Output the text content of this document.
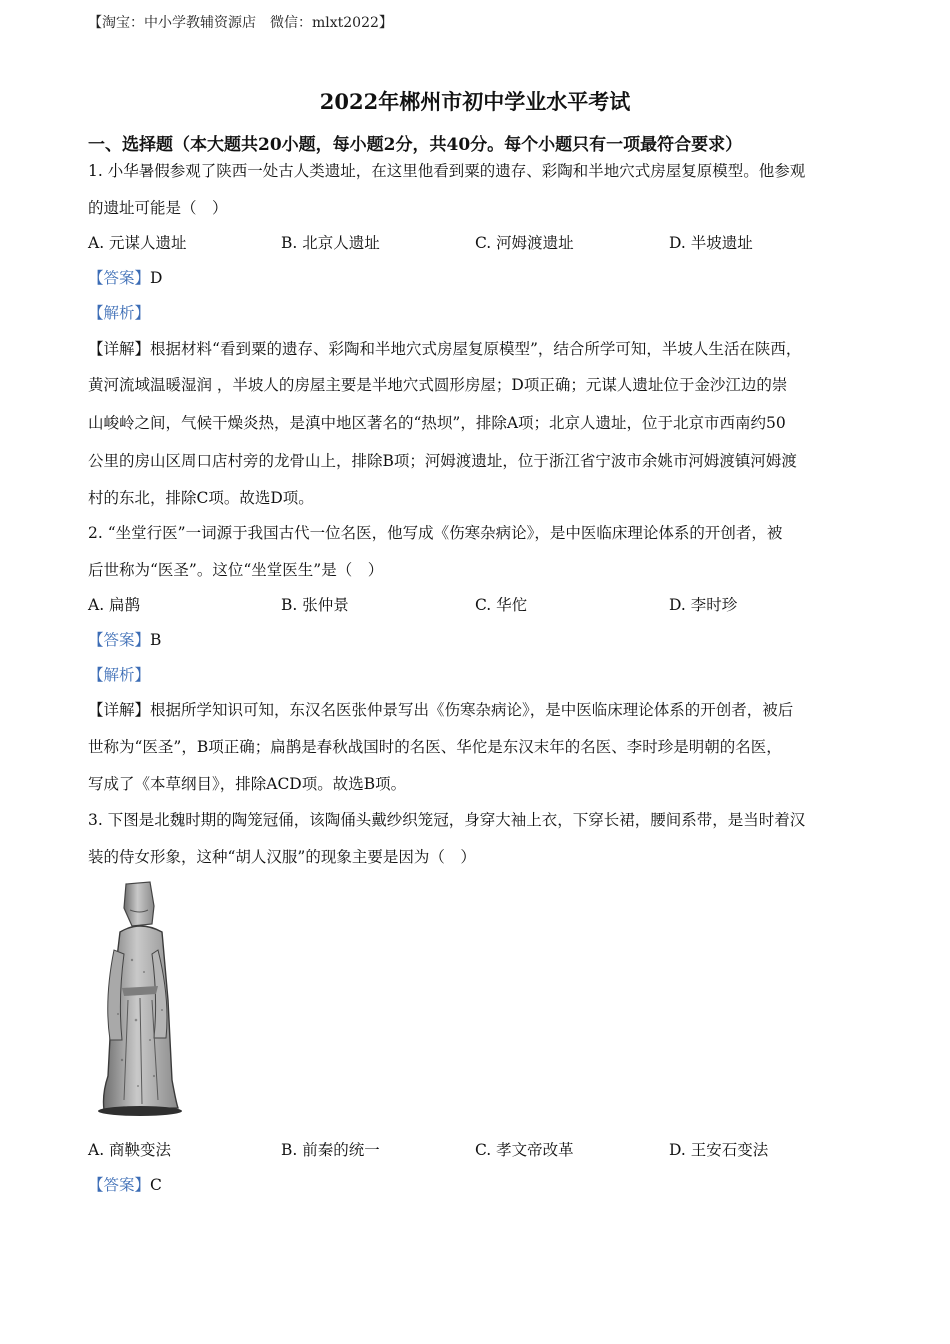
【淘宝：中小学教辅资源店　微信：mlxt2022】
2022年郴州市初中学业水平考试
一、选择题（本大题共20小题，每小题2分，共40分。每个小题只有一项最符合要求）
1. 小华暑假参观了陕西一处古人类遗址，在这里他看到粟的遗存、彩陶和半地穴式房屋复原模型。他参观
的遗址可能是（　）
A. 元谋人遗址	B. 北京人遗址	C. 河姆渡遗址	D. 半坡遗址
【答案】D
【解析】
【详解】根据材料“看到粟的遗存、彩陶和半地穴式房屋复原模型”，结合所学可知，半坡人生活在陕西，
黄河流域温暖湿润 ，半坡人的房屋主要是半地穴式圆形房屋；D项正确；元谋人遗址位于金沙江边的崇
山峻岭之间，气候干燥炎热，是滇中地区著名的“热坝”，排除A项；北京人遗址，位于北京市西南约50
公里的房山区周口店村旁的龙骨山上，排除B项；河姆渡遗址，位于浙江省宁波市余姚市河姆渡镇河姆渡
村的东北，排除C项。故选D项。
2. “坐堂行医”一词源于我国古代一位名医，他写成《伤寒杂病论》，是中医临床理论体系的开创者，被
后世称为“医圣”。这位“坐堂医生”是（　）
A. 扁鹊	B. 张仲景	C. 华佗	D. 李时珍
【答案】B
【解析】
【详解】根据所学知识可知，东汉名医张仲景写出《伤寒杂病论》，是中医临床理论体系的开创者，被后
世称为“医圣”，B项正确；扁鹊是春秋战国时的名医、华佗是东汉末年的名医、李时珍是明朝的名医，
写成了《本草纲目》，排除ACD项。故选B项。
3. 下图是北魏时期的陶笼冠俑，该陶俑头戴纱织笼冠，身穿大袖上衣，下穿长裙，腰间系带，是当时着汉
装的侍女形象，这种“胡人汉服”的现象主要是因为（　）
A. 商鞅变法	B. 前秦的统一	C. 孝文帝改革	D. 王安石变法
【答案】C
